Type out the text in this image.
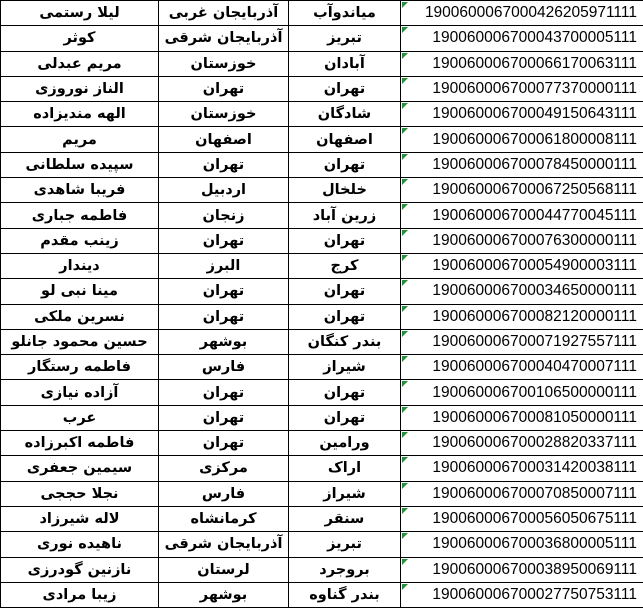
لیلا رستمی	آذربایجان غربی	میاندوآب	1900600067000426205971111
کوثر	آذربایجان شرقی	تبریز	190060006700043700005111
مریم عبدلی	خوزستان	آبادان	190060006700066170063111
الناز نوروزی	تهران	تهران	190060006700077370000111
الهه مندیزاده	خوزستان	شادگان	190060006700049150643111
مریم	اصفهان	اصفهان	190060006700061800008111
سپیده سلطانی	تهران	تهران	190060006700078450000111
فریبا شاهدی	اردبیل	خلخال	190060006700067250568111
فاطمه جباری	زنجان	زرین آباد	190060006700044770045111
زینب مقدم	تهران	تهران	190060006700076300000111
دیندار	البرز	کرج	190060006700054900003111
مینا نبی لو	تهران	تهران	190060006700034650000111
نسرین ملکی	تهران	تهران	190060006700082120000111
حسین محمود جانلو	بوشهر	بندر کنگان	190060006700071927557111
فاطمه رستگار	فارس	شیراز	190060006700040470007111
آزاده نیازی	تهران	تهران	190060006700106500000111
عرب	تهران	تهران	190060006700081050000111
فاطمه اکبرزاده	تهران	ورامین	190060006700028820337111
سیمین جعفری	مرکزی	اراک	190060006700031420038111
نجلا حججی	فارس	شیراز	190060006700070850007111
لاله شیرزاد	کرمانشاه	سنقر	190060006700056050675111
ناهیده نوری	آذربایجان شرقی	تبریز	190060006700036800005111
نازنین گودرزی	لرستان	بروجرد	190060006700038950069111
زیبا مرادی	بوشهر	بندر گناوه	190060006700027750753111
